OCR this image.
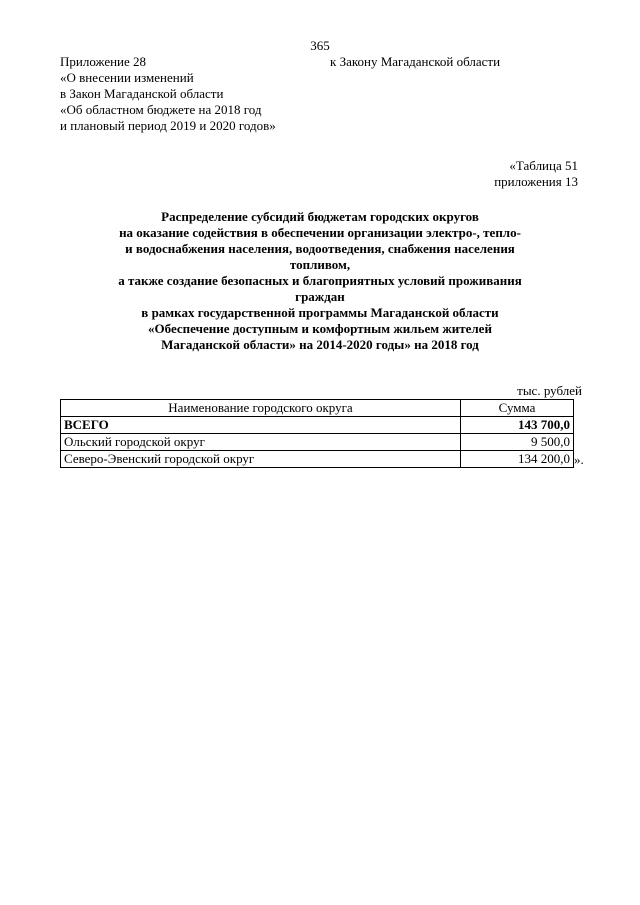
365
Приложение 28
«О внесении изменений
в Закон Магаданской области
«Об областном бюджете на 2018 год
и плановый период 2019 и 2020 годов»
к Закону Магаданской области
«Таблица 51
приложения 13
Распределение субсидий бюджетам городских округов
на оказание содействия в обеспечении организации электро-, тепло-
и водоснабжения населения, водоотведения, снабжения населения
топливом,
а также создание безопасных и благоприятных условий проживания
граждан
в рамках государственной программы Магаданской области
«Обеспечение доступным и комфортным жильем жителей
Магаданской области» на 2014-2020 годы» на 2018 год
тыс. рублей
Наименование городского округа	Сумма
ВСЕГО	143 700,0
Ольский городской округ	9 500,0
Северо-Эвенский городской округ	134 200,0 ».
